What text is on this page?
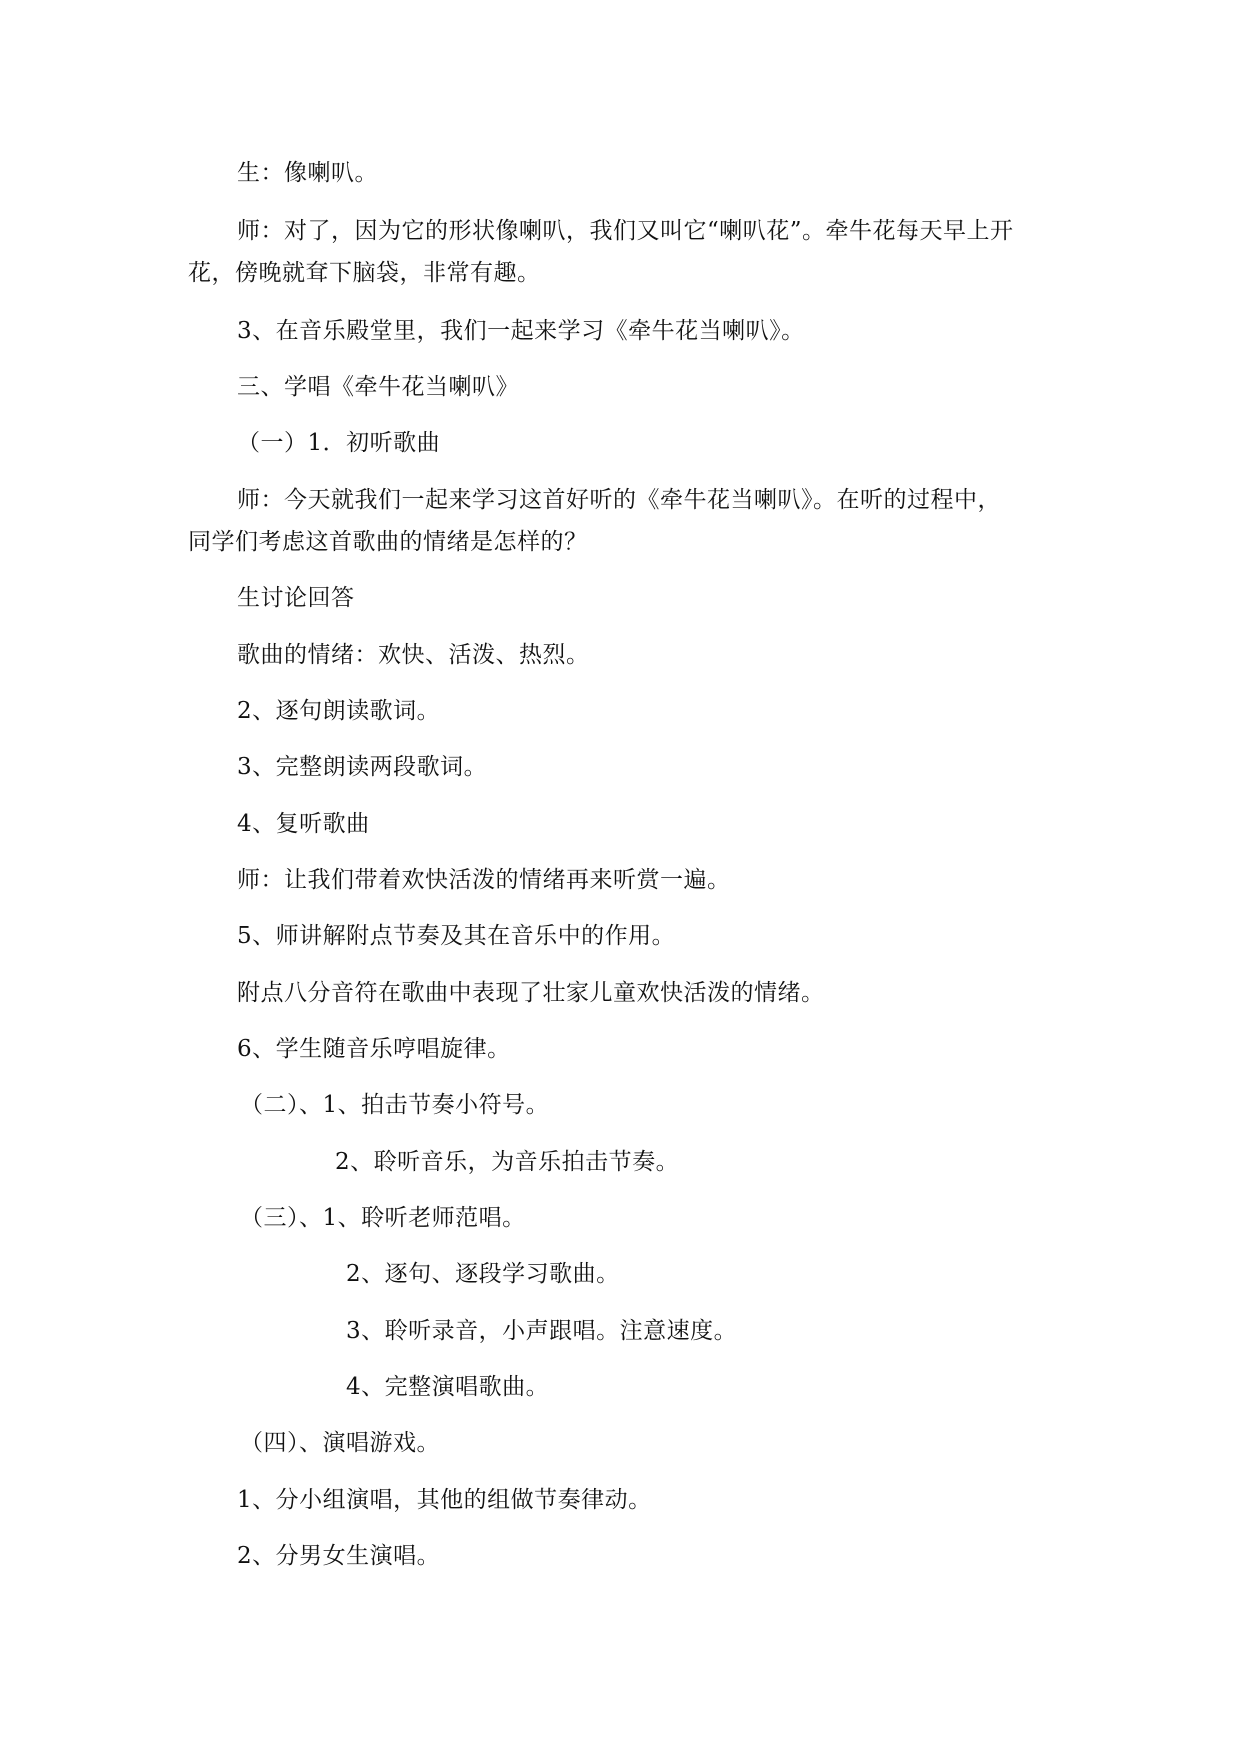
生：像喇叭。
师：对了，因为它的形状像喇叭，我们又叫它“喇叭花”。牵牛花每天早上开
花，傍晚就耷下脑袋，非常有趣。
3、在音乐殿堂里，我们一起来学习《牵牛花当喇叭》。
三、学唱《牵牛花当喇叭》
（一）1．初听歌曲
师：今天就我们一起来学习这首好听的《牵牛花当喇叭》。在听的过程中，
同学们考虑这首歌曲的情绪是怎样的？
生讨论回答
歌曲的情绪：欢快、活泼、热烈。
2、逐句朗读歌词。
3、完整朗读两段歌词。
4、复听歌曲
师：让我们带着欢快活泼的情绪再来听赏一遍。
5、师讲解附点节奏及其在音乐中的作用。
附点八分音符在歌曲中表现了壮家儿童欢快活泼的情绪。
6、学生随音乐哼唱旋律。
（二）、1、拍击节奏小符号。
2、聆听音乐，为音乐拍击节奏。
（三）、1、聆听老师范唱。
2、逐句、逐段学习歌曲。
3、聆听录音，小声跟唱。注意速度。
4、完整演唱歌曲。
（四）、演唱游戏。
1、分小组演唱，其他的组做节奏律动。
2、分男女生演唱。
